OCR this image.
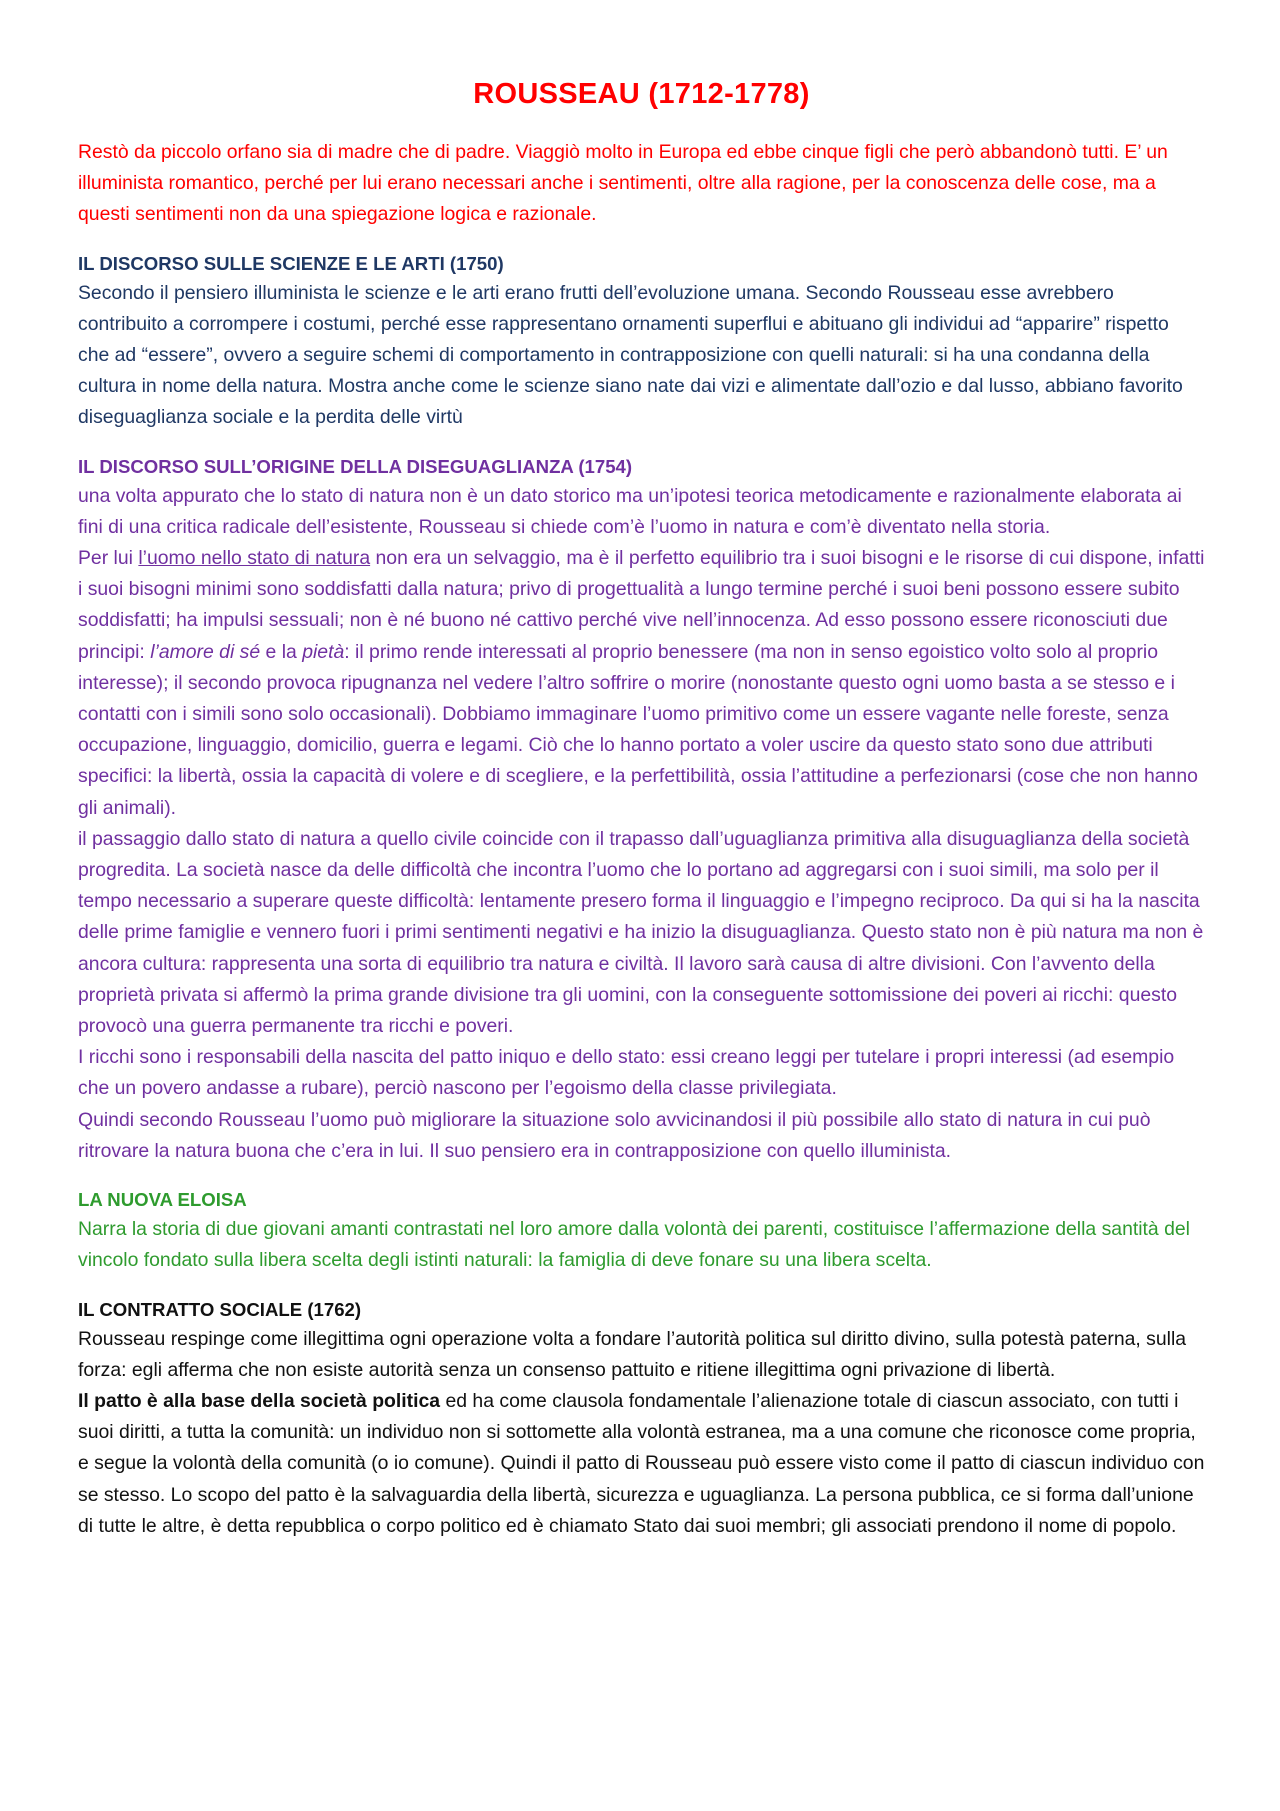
ROUSSEAU (1712-1778)

Restò da piccolo orfano sia di madre che di padre. Viaggiò molto in Europa ed ebbe cinque figli che però abbandonò tutti. E’ un illuminista romantico, perché per lui erano necessari anche i sentimenti, oltre alla ragione, per la conoscenza delle cose, ma a questi sentimenti non da una spiegazione logica e razionale.

IL DISCORSO SULLE SCIENZE E LE ARTI (1750)

Secondo il pensiero illuminista le scienze e le arti erano frutti dell’evoluzione umana. Secondo Rousseau esse avrebbero contribuito a corrompere i costumi, perché esse rappresentano ornamenti superflui e abituano gli individui ad “apparire” rispetto che ad “essere”, ovvero a seguire schemi di comportamento in contrapposizione con quelli naturali: si ha una condanna della cultura in nome della natura. Mostra anche come le scienze siano nate dai vizi e alimentate dall’ozio e dal lusso, abbiano favorito diseguaglianza sociale e la perdita delle virtù

IL DISCORSO SULL’ORIGINE DELLA DISEGUAGLIANZA (1754)

una volta appurato che lo stato di natura non è un dato storico ma un’ipotesi teorica metodicamente e razionalmente elaborata ai fini di una critica radicale dell’esistente, Rousseau si chiede com’è l’uomo in natura e com’è diventato nella storia.

Per lui l’uomo nello stato di natura non era un selvaggio, ma è il perfetto equilibrio tra i suoi bisogni e le risorse di cui dispone, infatti i suoi bisogni minimi sono soddisfatti dalla natura; privo di progettualità a lungo termine perché i suoi beni possono essere subito soddisfatti; ha impulsi sessuali; non è né buono né cattivo perché vive nell’innocenza. Ad esso possono essere riconosciuti due principi: l’amore di sé e la pietà: il primo rende interessati al proprio benessere (ma non in senso egoistico volto solo al proprio interesse); il secondo provoca ripugnanza nel vedere l’altro soffrire o morire (nonostante questo ogni uomo basta a se stesso e i contatti con i simili sono solo occasionali). Dobbiamo immaginare l’uomo primitivo come un essere vagante nelle foreste, senza occupazione, linguaggio, domicilio, guerra e legami. Ciò che lo hanno portato a voler uscire da questo stato sono due attributi specifici: la libertà, ossia la capacità di volere e di scegliere, e la perfettibilità, ossia l’attitudine a perfezionarsi (cose che non hanno gli animali).

il passaggio dallo stato di natura a quello civile coincide con il trapasso dall’uguaglianza primitiva alla disuguaglianza della società progredita. La società nasce da delle difficoltà che incontra l’uomo che lo portano ad aggregarsi con i suoi simili, ma solo per il tempo necessario a superare queste difficoltà: lentamente presero forma il linguaggio e l’impegno reciproco. Da qui si ha la nascita delle prime famiglie e vennero fuori i primi sentimenti negativi e ha inizio la disuguaglianza. Questo stato non è più natura ma non è ancora cultura: rappresenta una sorta di equilibrio tra natura e civiltà. Il lavoro sarà causa di altre divisioni. Con l’avvento della proprietà privata si affermò la prima grande divisione tra gli uomini, con la conseguente sottomissione dei poveri ai ricchi: questo provocò una guerra permanente tra ricchi e poveri.

I ricchi sono i responsabili della nascita del patto iniquo e dello stato: essi creano leggi per tutelare i propri interessi (ad esempio che un povero andasse a rubare), perciò nascono per l’egoismo della classe privilegiata.

Quindi secondo Rousseau l’uomo può migliorare la situazione solo avvicinandosi il più possibile allo stato di natura in cui può ritrovare la natura buona che c’era in lui. Il suo pensiero era in contrapposizione con quello illuminista.

LA NUOVA ELOISA

Narra la storia di due giovani amanti contrastati nel loro amore dalla volontà dei parenti, costituisce l’affermazione della santità del vincolo fondato sulla libera scelta degli istinti naturali: la famiglia di deve fonare su una libera scelta.

IL CONTRATTO SOCIALE (1762)

Rousseau respinge come illegittima ogni operazione volta a fondare l’autorità politica sul diritto divino, sulla potestà paterna, sulla forza: egli afferma che non esiste autorità senza un consenso pattuito e ritiene illegittima ogni privazione di libertà.

Il patto è alla base della società politica ed ha come clausola fondamentale l’alienazione totale di ciascun associato, con tutti i suoi diritti, a tutta la comunità: un individuo non si sottomette alla volontà estranea, ma a una comune che riconosce come propria, e segue la volontà della comunità (o io comune). Quindi il patto di Rousseau può essere visto come il patto di ciascun individuo con se stesso. Lo scopo del patto è la salvaguardia della libertà, sicurezza e uguaglianza. La persona pubblica, ce si forma dall’unione di tutte le altre, è detta repubblica o corpo politico ed è chiamato Stato dai suoi membri; gli associati prendono il nome di popolo.
